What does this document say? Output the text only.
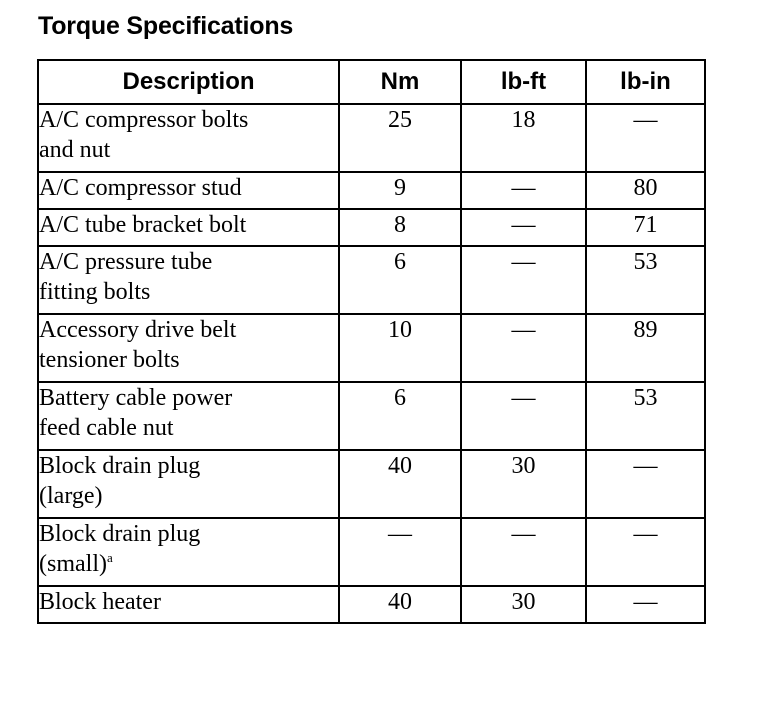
Torque Specifications
Description	Nm	lb-ft	lb-in
A/C compressor bolts
and nut	25	18	—
A/C compressor stud	9	—	80
A/C tube bracket bolt	8	—	71
A/C pressure tube
fitting bolts	6	—	53
Accessory drive belt
tensioner bolts	10	—	89
Battery cable power
feed cable nut	6	—	53
Block drain plug
(large)	40	30	—
Block drain plug
(small)$^a$	—	—	—
Block heater	40	30	—
